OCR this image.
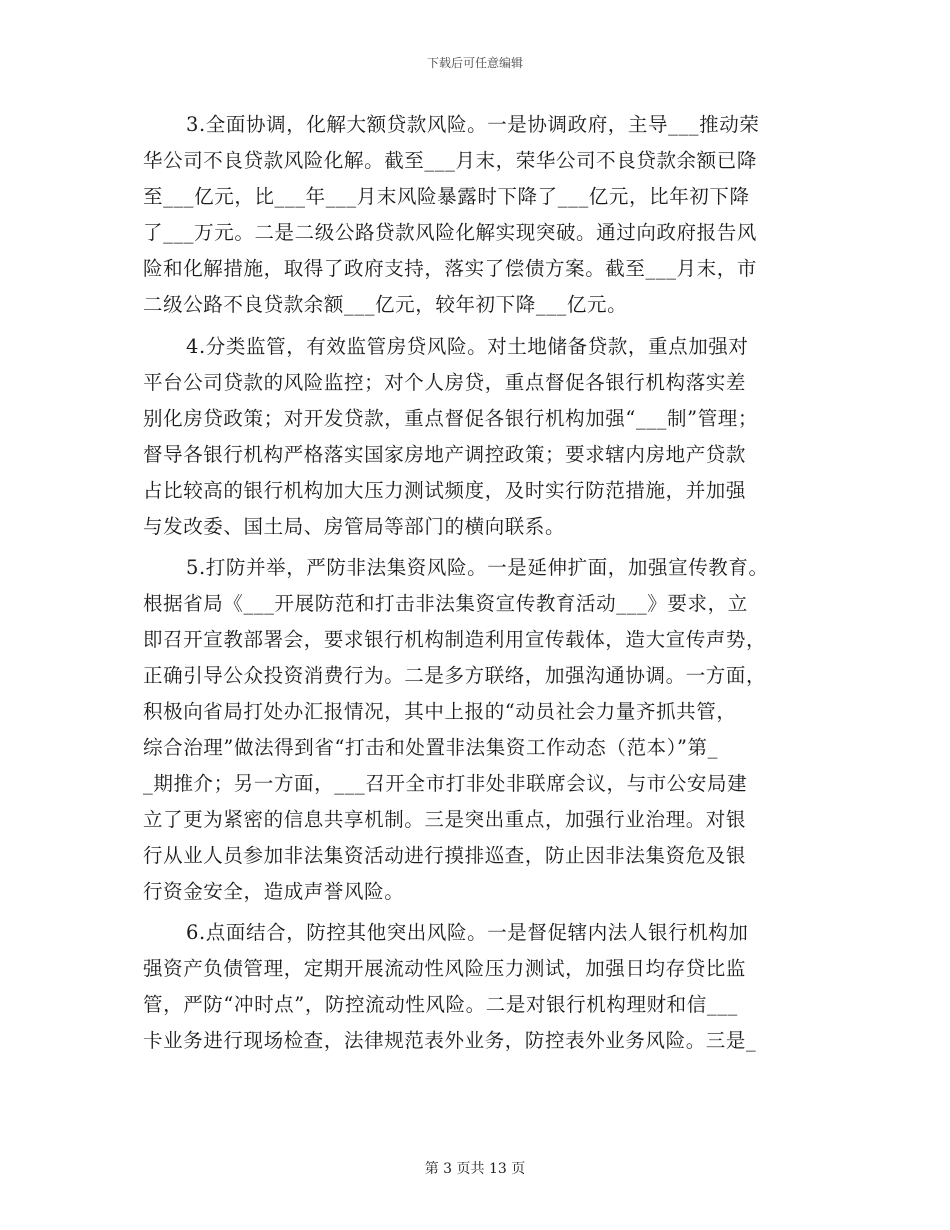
下载后可任意编辑
3.全面协调，化解大额贷款风险。一是协调政府，主导___推动荣
华公司不良贷款风险化解。截至___月末，荣华公司不良贷款余额已降
至___亿元，比___年___月末风险暴露时下降了___亿元，比年初下降
了___万元。二是二级公路贷款风险化解实现突破。通过向政府报告风
险和化解措施，取得了政府支持，落实了偿债方案。截至___月末，市
二级公路不良贷款余额___亿元，较年初下降___亿元。
4.分类监管，有效监管房贷风险。对土地储备贷款，重点加强对
平台公司贷款的风险监控；对个人房贷，重点督促各银行机构落实差
别化房贷政策；对开发贷款，重点督促各银行机构加强“___制”管理；
督导各银行机构严格落实国家房地产调控政策；要求辖内房地产贷款
占比较高的银行机构加大压力测试频度，及时实行防范措施，并加强
与发改委、国土局、房管局等部门的横向联系。
5.打防并举，严防非法集资风险。一是延伸扩面，加强宣传教育。
根据省局《___开展防范和打击非法集资宣传教育活动___》要求，立
即召开宣教部署会，要求银行机构制造利用宣传载体，造大宣传声势，
正确引导公众投资消费行为。二是多方联络，加强沟通协调。一方面，
积极向省局打处办汇报情况，其中上报的“动员社会力量齐抓共管，
综合治理”做法得到省“打击和处置非法集资工作动态（范本）”第_
_期推介；另一方面，___召开全市打非处非联席会议，与市公安局建
立了更为紧密的信息共享机制。三是突出重点，加强行业治理。对银
行从业人员参加非法集资活动进行摸排巡查，防止因非法集资危及银
行资金安全，造成声誉风险。
6.点面结合，防控其他突出风险。一是督促辖内法人银行机构加
强资产负债管理，定期开展流动性风险压力测试，加强日均存贷比监
管，严防“冲时点”，防控流动性风险。二是对银行机构理财和信___
卡业务进行现场检查，法律规范表外业务，防控表外业务风险。三是_
第 3 页共 13 页
